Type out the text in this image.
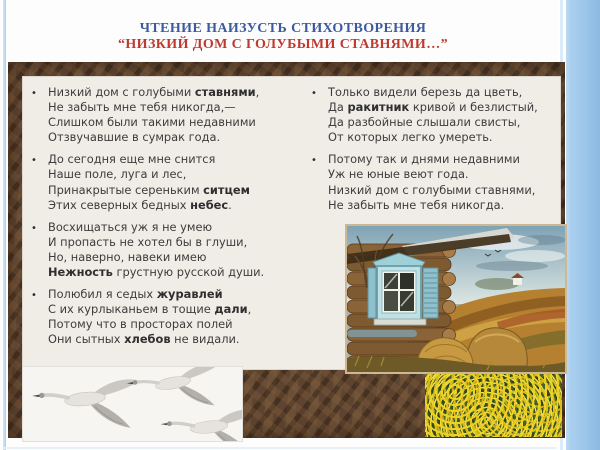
ЧТЕНИЕ НАИЗУСТЬ СТИХОТВОРЕНИЯ
“НИЗКИЙ ДОМ С ГОЛУБЫМИ СТАВНЯМИ…”
• Низкий дом с голубыми ставнями,
Не забыть мне тебя никогда,—
Слишком были такими недавними
Отзвучавшие в сумрак года.
• До сегодня еще мне снится
Наше поле, луга и лес,
Принакрытые сереньким ситцем
Этих северных бедных небес.
• Восхищаться уж я не умею
И пропасть не хотел бы в глуши,
Но, наверно, навеки имею
Нежность грустную русской души.
• Полюбил я седых журавлей
С их курлыканьем в тощие дали,
Потому что в просторах полей
Они сытных хлебов не видали.
• Только видели березь да цветь,
Да ракитник кривой и безлистый,
Да разбойные слышали свисты,
От которых легко умереть.
• Потому так и днями недавними
Уж не юные веют года.
Низкий дом с голубыми ставнями,
Не забыть мне тебя никогда.
